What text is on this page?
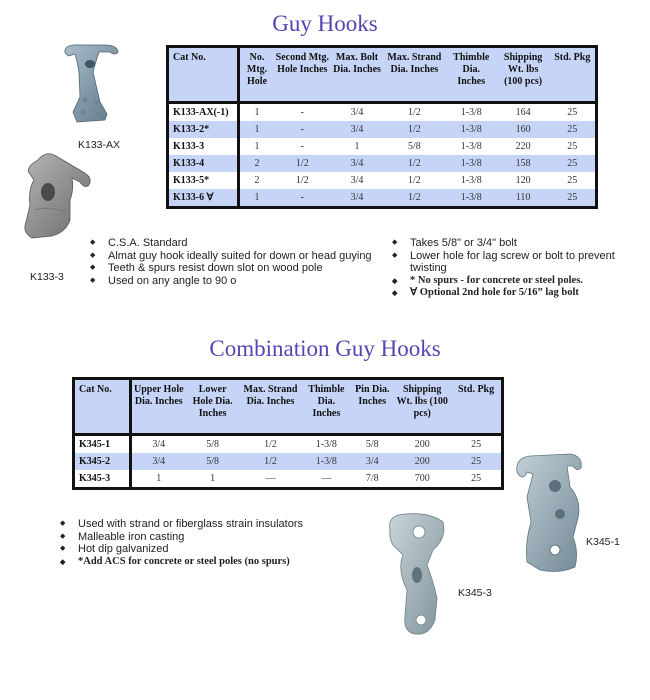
Guy Hooks
K133-AX
K133-3
Cat No.	No. Mtg. Hole	Second Mtg. Hole Inches	Max. Bolt Dia. Inches	Max. Strand Dia. Inches	Thimble Dia. Inches	Shipping Wt. lbs (100 pcs)	Std. Pkg
K133-AX(-1)	1	-	3/4	1/2	1-3/8	164	25
K133-2*	1	-	3/4	1/2	1-3/8	160	25
K133-3	1	-	1	5/8	1-3/8	220	25
K133-4	2	1/2	3/4	1/2	1-3/8	158	25
K133-5*	2	1/2	3/4	1/2	1-3/8	120	25
K133-6 Ɐ	1	-	3/4	1/2	1-3/8	110	25
◆ C.S.A. Standard
◆ Almat guy hook ideally suited for down or head guying
◆ Teeth & spurs resist down slot on wood pole
◆ Used on any angle to 90 o
◆ Takes 5/8" or 3/4" bolt
◆ Lower hole for lag screw or bolt to prevent twisting
◆ * No spurs - for concrete or steel poles.
◆ Ɐ Optional 2nd hole for 5/16” lag bolt
Combination Guy Hooks
Cat No.	Upper Hole Dia. Inches	Lower Hole Dia. Inches	Max. Strand Dia. Inches	Thimble Dia. Inches	Pin Dia. Inches	Shipping Wt. lbs (100 pcs)	Std. Pkg
K345-1	3/4	5/8	1/2	1-3/8	5/8	200	25
K345-2	3/4	5/8	1/2	1-3/8	3/4	200	25
K345-3	1	1	—	—	7/8	700	25
◆ Used with strand or fiberglass strain insulators
◆ Malleable iron casting
◆ Hot dip galvanized
◆ *Add ACS for concrete or steel poles (no spurs)
K345-3
K345-1
